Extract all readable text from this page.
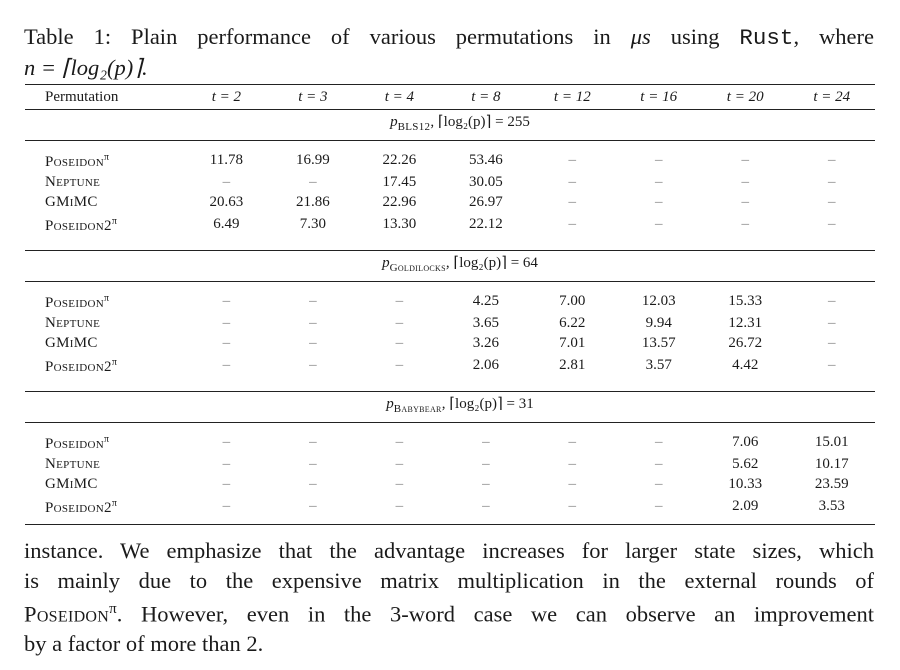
Table 1: Plain performance of various permutations in μs using Rust, where
n = ⌈log₂(p)⌉.
Permutation	t = 2	t = 3	t = 4	t = 8	t = 12	t = 16	t = 20	t = 24
$p_{BLS12}$, ⌈log₂(p)⌉ = 255								

Poseidon$^\pi$	11.78	16.99	22.26	53.46	–	–	–	–
Neptune	–	–	17.45	30.05	–	–	–	–
GMiMC	20.63	21.86	22.96	26.97	–	–	–	–
$Poseidon2^\pi$	6.49	7.30	13.30	22.12	–	–	–	–

$p_{Goldilocks}$, ⌈log₂(p)⌉ = 64								

Poseidon$^\pi$	–	–	–	4.25	7.00	12.03	15.33	–
Neptune	–	–	–	3.65	6.22	9.94	12.31	–
GMiMC	–	–	–	3.26	7.01	13.57	26.72	–
$Poseidon2^\pi$	–	–	–	2.06	2.81	3.57	4.42	–

$p_{Babybear}$, ⌈log₂(p)⌉ = 31								

Poseidon$^\pi$	–	–	–	–	–	–	7.06	15.01
Neptune	–	–	–	–	–	–	5.62	10.17
GMiMC	–	–	–	–	–	–	10.33	23.59
$Poseidon2^\pi$	–	–	–	–	–	–	2.09	3.53

instance. We emphasize that the advantage increases for larger state sizes, which
is mainly due to the expensive matrix multiplication in the external rounds of
Poseidon$^\pi$. However, even in the 3-word case we can observe an improvement
by a factor of more than 2.
